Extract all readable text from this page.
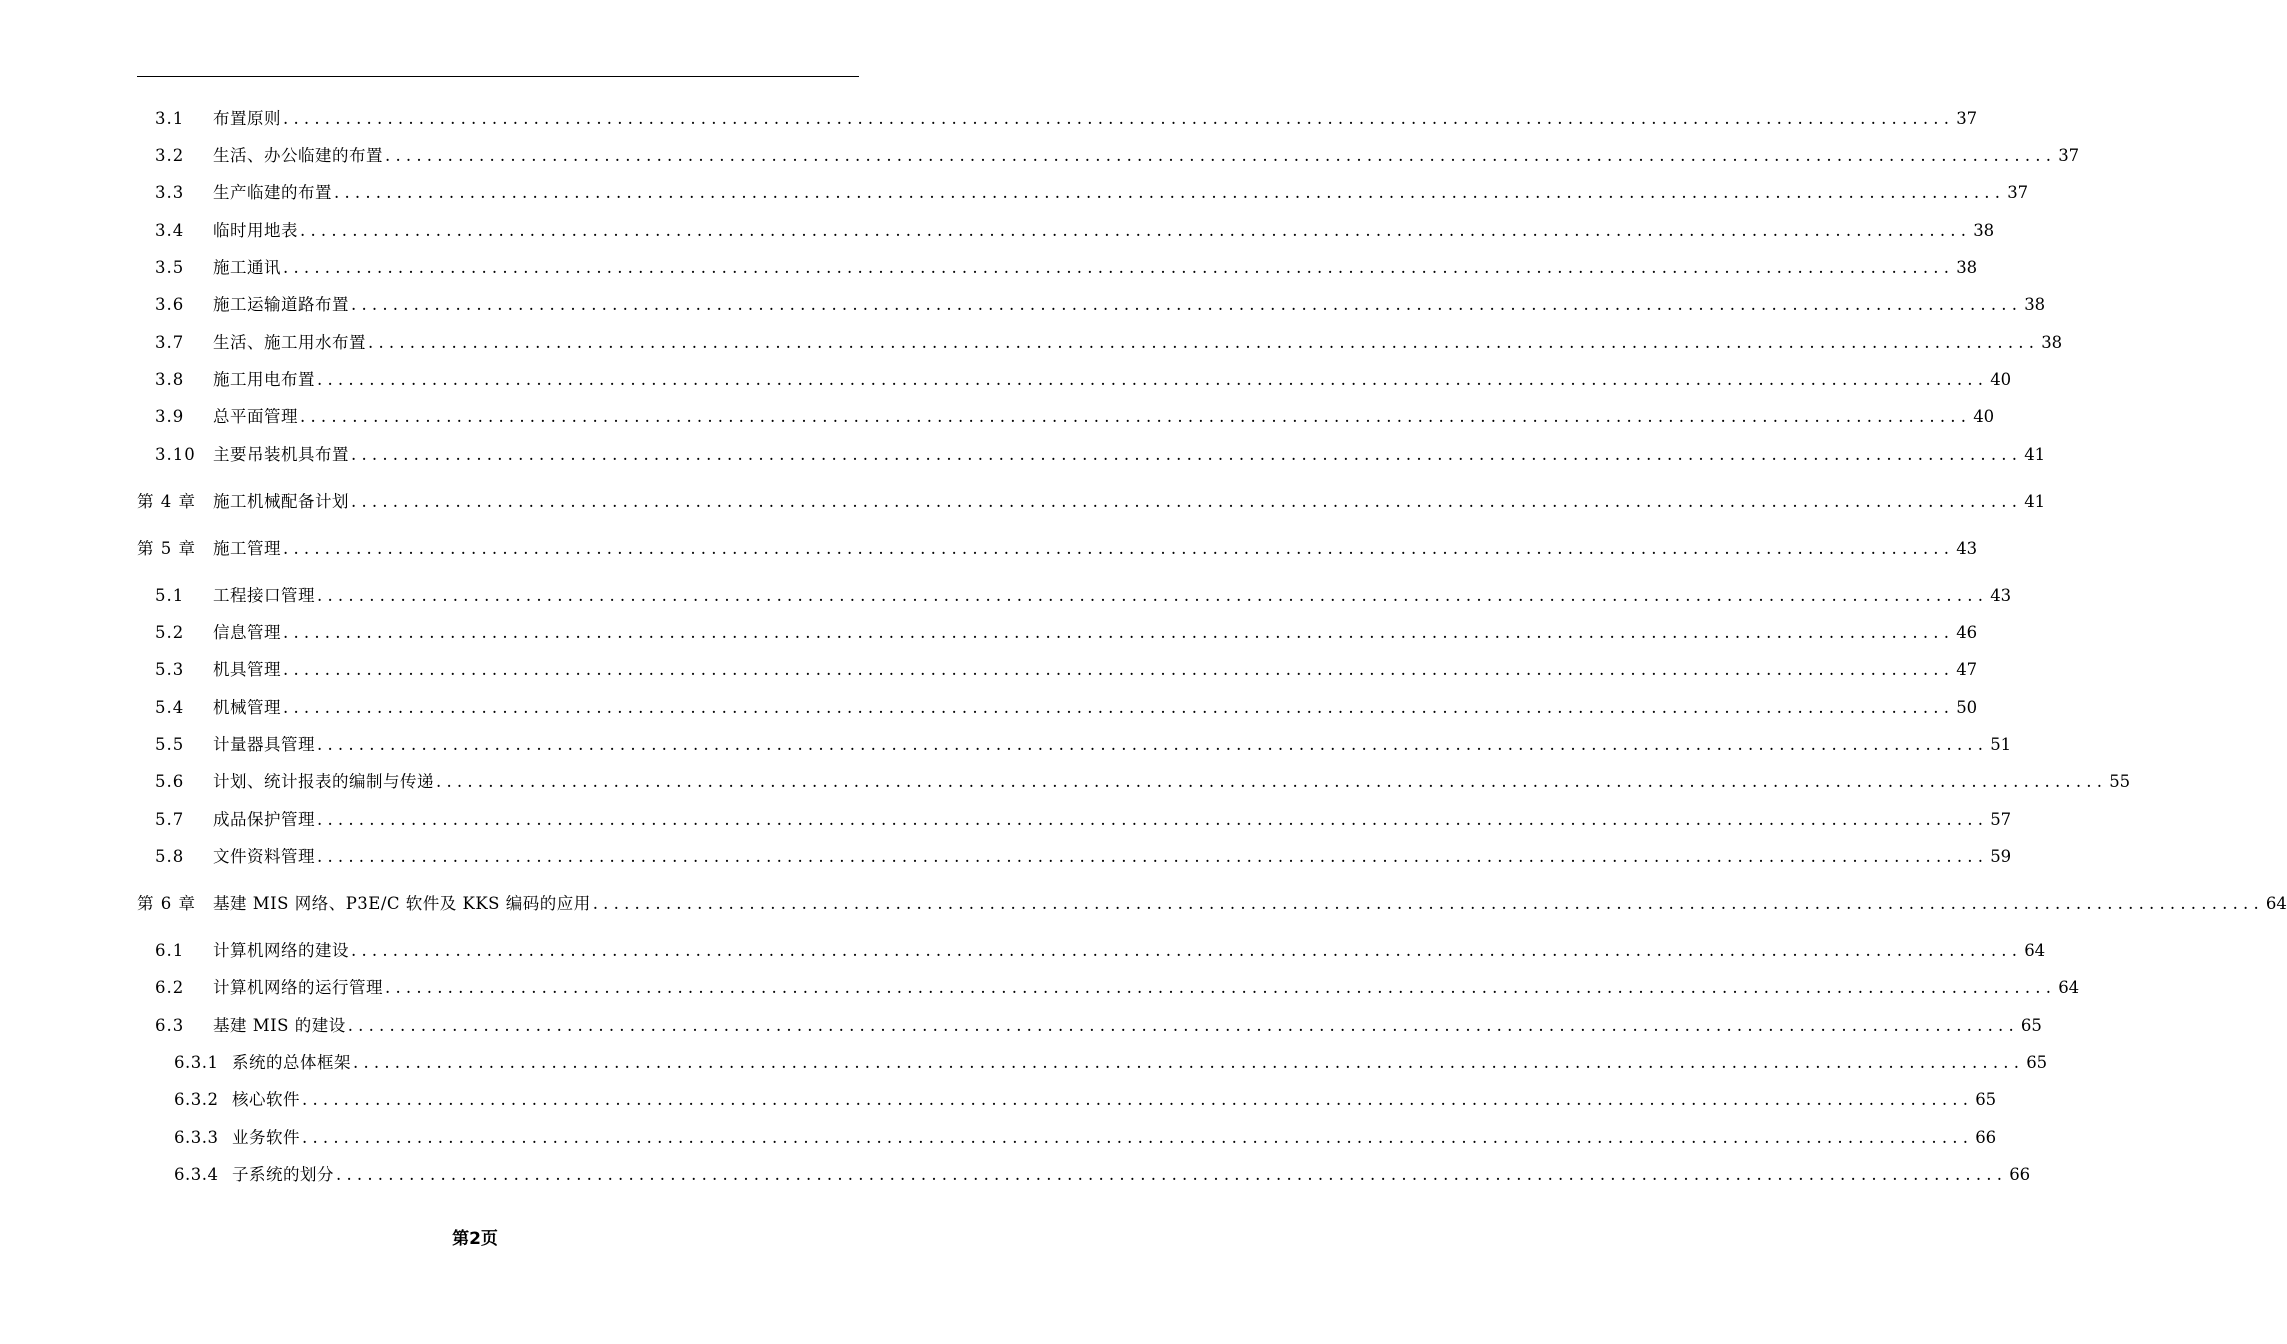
3.1	布置原则 ................................................................................................................................................................ 37
3.2	生活、办公临建的布置 ................................................................................................................................................................ 37
3.3	生产临建的布置 ................................................................................................................................................................ 37
3.4	临时用地表 ................................................................................................................................................................ 38
3.5	施工通讯 ................................................................................................................................................................ 38
3.6	施工运输道路布置 ................................................................................................................................................................ 38
3.7	生活、施工用水布置 ................................................................................................................................................................ 38
3.8	施工用电布置 ................................................................................................................................................................ 40
3.9	总平面管理 ................................................................................................................................................................ 40
3.10	主要吊装机具布置 ................................................................................................................................................................ 41
第 4 章	施工机械配备计划 ................................................................................................................................................................ 41
第 5 章	施工管理 ................................................................................................................................................................ 43
5.1	工程接口管理 ................................................................................................................................................................ 43
5.2	信息管理 ................................................................................................................................................................ 46
5.3	机具管理 ................................................................................................................................................................ 47
5.4	机械管理 ................................................................................................................................................................ 50
5.5	计量器具管理 ................................................................................................................................................................ 51
5.6	计划、统计报表的编制与传递 ................................................................................................................................................................ 55
5.7	成品保护管理 ................................................................................................................................................................ 57
5.8	文件资料管理 ................................................................................................................................................................ 59
第 6 章	基建 MIS 网络、P3E/C 软件及 KKS 编码的应用 ................................................................................................................................................................ 64
6.1	计算机网络的建设 ................................................................................................................................................................ 64
6.2	计算机网络的运行管理 ................................................................................................................................................................ 64
6.3	基建 MIS 的建设 ................................................................................................................................................................ 65
6.3.1 系统的总体框架 ................................................................................................................................................................ 65
6.3.2 核心软件 ................................................................................................................................................................ 65
6.3.3 业务软件 ................................................................................................................................................................ 66
6.3.4 子系统的划分 ................................................................................................................................................................ 66
第2页
